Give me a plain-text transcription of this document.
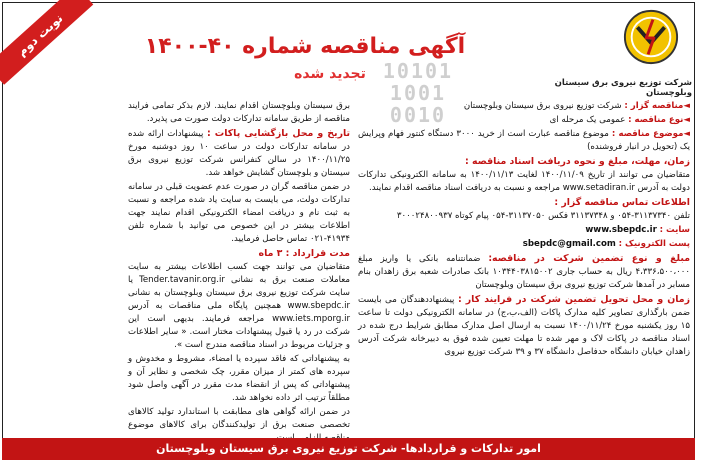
نوبت دوم
10101
1001
0010
آگهی مناقصه شماره ۴۰-۱۴۰۰
تجدید شده
شرکت توزیع نیروی برق سیستان وبلوچستان

◄مناقصه گزار : شرکت توزیع نیروی برق سیستان وبلوچستان

◄نوع مناقصه : عمومی یک مرحله ای

◄موضوع مناقصه : موضوع مناقصه عبارت است از خرید ۳۰۰۰ دستگاه کنتور فهام وپرایش یک (تحویل در انبار فروشنده)

زمان، مهلت، مبلغ و نحوه دریافت اسناد مناقصه :

متقاضیان می توانند از تاریخ ۱۴۰۰/۱۱/۰۹ لغایت ۱۴۰۰/۱۱/۱۳ به سامانه الکترونیکی تدارکات دولت به آدرس www.setadiran.ir مراجعه و نسبت به دریافت اسناد مناقصه اقدام نمایند.

اطلاعات تماس مناقصه گزار :

تلفن ۳۱۱۳۷۳۴۰-۰۵۴ و ۳۱۱۳۷۳۴۸ فکس ۳۱۱۳۷۰۵۰-۰۵۴ پیام کوتاه ۳۰۰۰۲۴۸۰۰۹۳۷

سایت : www.sbepdc.ir

پست الکترونیک : sbepdc@gmail.com

مبلغ و نوع تضمین شرکت در مناقصه: ضمانتنامه بانکی یا واریز مبلغ ۴،۳۳۶،۵۰۰،۰۰۰ ریال به حساب جاری ۱۰۳۴۴۰۳۸۱۵۰۰۲ بانک صادرات شعبه برق زاهدان بنام مسابر در آمدها شرکت توزیع نیروی برق سیستان وبلوچستان

زمان و محل تحویل تضمین شرکت در فرایند کار : پیشنهاددهندگان می بایست ضمن بارگذاری تصاویر کلیه مدارک پاکات (الف،ب،ج) در سامانه الکترونیکی دولت تا ساعت ۱۵ روز یکشنبه مورخ ۱۴۰۰/۱۱/۲۴ نسبت به ارسال اصل مدارک مطابق شرایط درج شده در اسناد مناقصه در پاکات لاک و مهر شده تا مهلت تعیین شده فوق به دبیرخانه شرکت آدرس زاهدان خیابان دانشگاه حدفاصل دانشگاه ۳۷ و ۳۹ شرکت توزیع نیروی

برق سیستان وبلوچستان اقدام نمایند. لازم بذکر تمامی فرایند مناقصه از طریق سامانه تدارکات دولت صورت می پذیرد.

تاریخ و محل بازگشایی پاکات : پیشنهادات ارائه شده در سامانه تدارکات دولت در ساعت ۱۰ روز دوشنبه مورخ ۱۴۰۰/۱۱/۲۵ در سالن کنفرانس شرکت توزیع نیروی برق سیستان و بلوچستان گشایش خواهد شد.

در ضمن مناقصه گران در صورت عدم عضویت قبلی در سامانه تدارکات دولت، می بایست به سایت یاد شده مراجعه و نسبت به ثبت نام و دریافت امضاء الکترونیکی اقدام نمایند جهت اطلاعات بیشتر در این خصوص می توانید با شماره تلفن ۴۱۹۳۴-۰۲۱ تماس حاصل فرمایید.

مدت قرارداد : ۳ ماه

متقاضیان می توانند جهت کسب اطلاعات بیشتر به سایت معاملات صنعت برق به نشانی Tender.tavanir.org.ir یا سایت شرکت توزیع نیروی برق سیستان وبلوچستان به نشانی www.sbepdc.ir همچنین پایگاه ملی مناقصات به آدرس www.iets.mporg.ir مراجعه فرمایند. بدیهی است این شرکت در رد یا قبول پیشنهادات مختار است. « سایر اطلاعات و جزئیات مربوط در اسناد مناقصه مندرج است ».

به پیشنهاداتی که فاقد سپرده یا امضاء، مشروط و مخدوش و سپرده های کمتر از میزان مقرر، چک شخصی و نظایر آن و پیشنهاداتی که پس از انقضاء مدت مقرر در آگهی واصل شود مطلقاً ترتیب اثر داده نخواهد شد.

در ضمن ارائه گواهی های مطابقت با استاندارد تولید کالاهای تخصصی صنعت برق از تولیدکنندگان برای کالاهای موضوع

امور تدارکات و قراردادها- شرکت توزیع نیروی برق سیستان وبلوچستان
